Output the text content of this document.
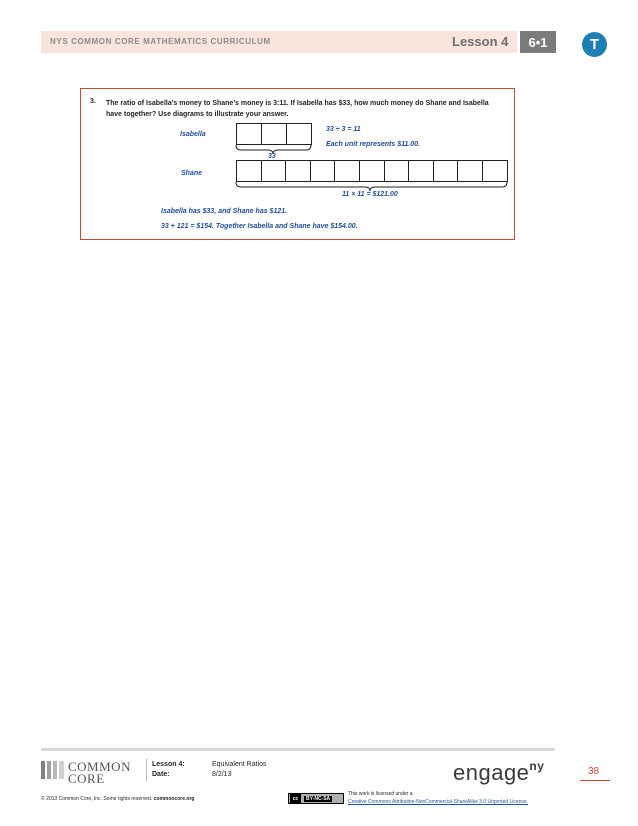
NYS COMMON CORE MATHEMATICS CURRICULUM	Lesson 4	6•1	T
3. The ratio of Isabella’s money to Shane’s money is 3:11. If Isabella has $33, how much money do Shane and Isabella have together? Use diagrams to illustrate your answer.
Isabella
33
33 ÷ 3 = 11
Each unit represents $11.00.
Shane
11 × 11 = $121.00
Isabella has $33, and Shane has $121.
33 + 121 = $154. Together Isabella and Shane have $154.00.
COMMON
CORE
Lesson 4:	Equivalent Ratios
Date:	8/2/13	engage$^{ny}$	38
© 2013 Common Core, Inc. Some rights reserved. commoncore.org	cc	BY-NC-SA
This work is licensed under a
Creative Commons Attribution-NonCommercial-ShareAlike 3.0 Unported License.
